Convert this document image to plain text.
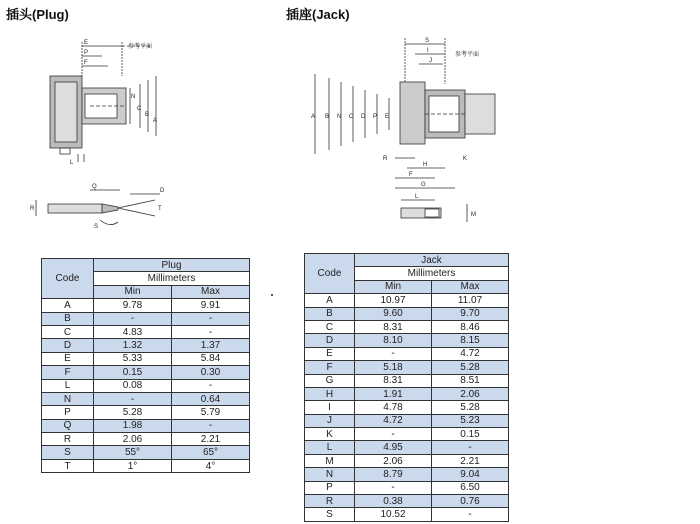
插头(Plug)	插座(Jack)
E
P
F
参考平面
N
C
B
A
L
R
Q
D
T
S
S
I
J
参考平面
A B N C D P E
R
H
K
F
G
L
M
Code	Plug	
	Millimeters	
	Min	Max
A	9.78	9.91
B	-	-
C	4.83	-
D	1.32	1.37
E	5.33	5.84
F	0.15	0.30
L	0.08	-
N	-	0.64
P	5.28	5.79
Q	1.98	-
R	2.06	2.21
S	55°	65°
T	1°	4°
Code	Jack	
	Millimeters	
	Min	Max
A	10.97	11.07
B	9.60	9.70
C	8.31	8.46
D	8.10	8.15
E	-	4.72
F	5.18	5.28
G	8.31	8.51
H	1.91	2.06
I	4.78	5.28
J	4.72	5.23
K	-	0.15
L	4.95	-
M	2.06	2.21
N	8.79	9.04
P	-	6.50
R	0.38	0.76
S	10.52	-
